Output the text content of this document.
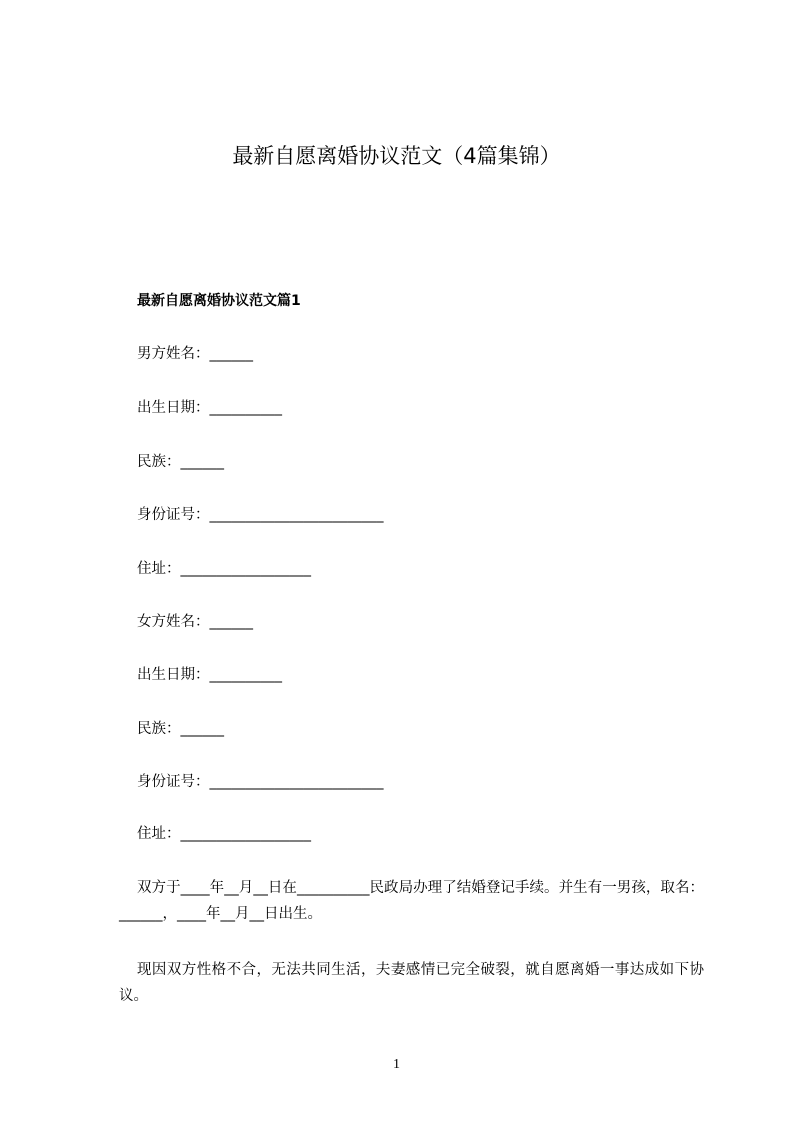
最新自愿离婚协议范文（4篇集锦）
最新自愿离婚协议范文篇1

男方姓名：______

出生日期：__________

民族：______

身份证号：________________________

住址：__________________

女方姓名：______

出生日期：__________

民族：______

身份证号：________________________

住址：__________________

双方于____年__月__日在__________民政局办理了结婚登记手续。并生有一男孩，取名：______，____年__月__日出生。

现因双方性格不合，无法共同生活，夫妻感情已完全破裂，就自愿离婚一事达成如下协议。

1
